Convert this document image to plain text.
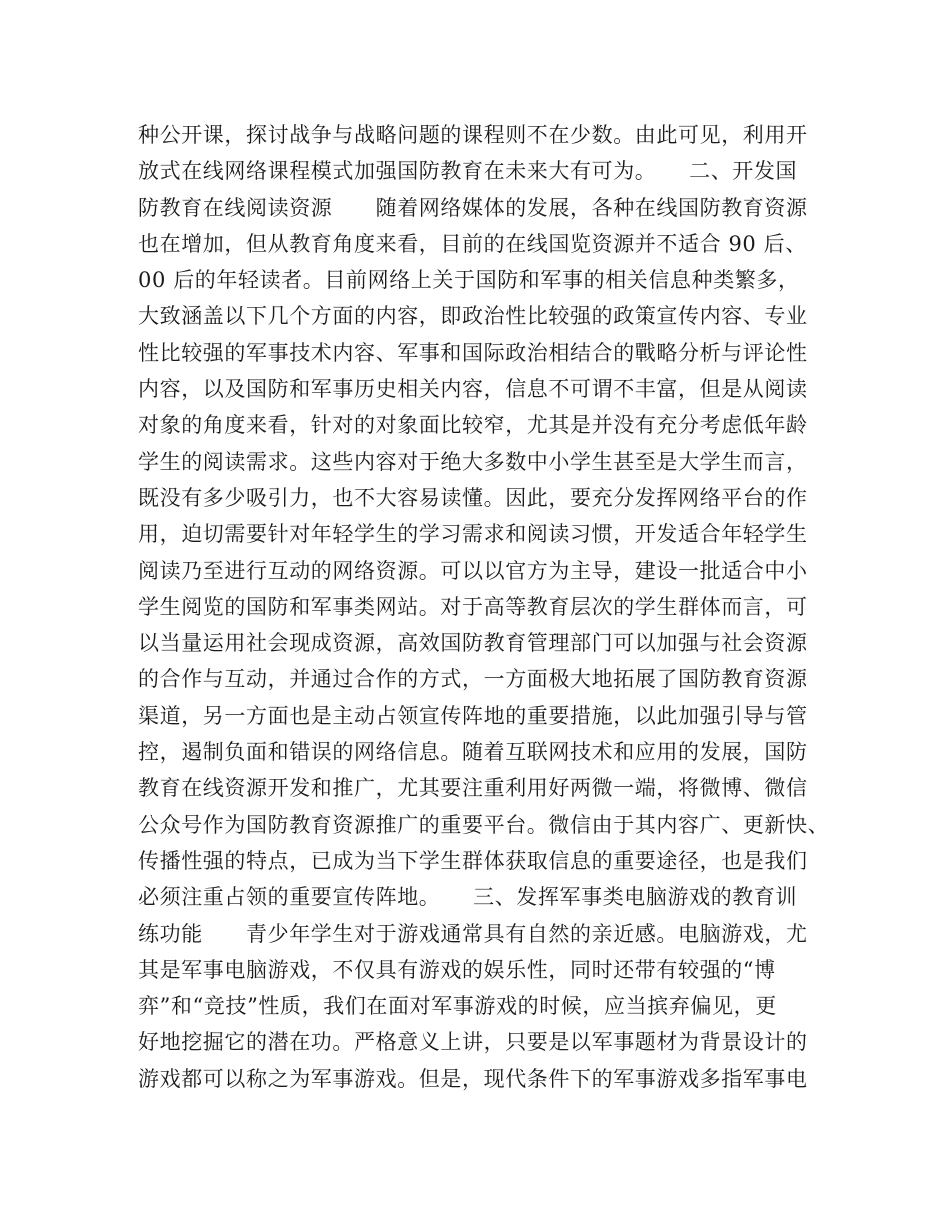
种公开课，探讨战争与战略问题的课程则不在少数。由此可见，利用开
放式在线网络课程模式加强国防教育在未来大有可为。　　二、开发国
防教育在线阅读资源　　随着网络媒体的发展，各种在线国防教育资源
也在增加，但从教育角度来看，目前的在线国览资源并不适合 90 后、
00 后的年轻读者。目前网络上关于国防和军事的相关信息种类繁多，
大致涵盖以下几个方面的内容，即政治性比较强的政策宣传内容、专业
性比较强的军事技术内容、军事和国际政治相结合的戰略分析与评论性
内容，以及国防和军事历史相关内容，信息不可谓不丰富，但是从阅读
对象的角度来看，针对的对象面比较窄，尤其是并没有充分考虑低年龄
学生的阅读需求。这些内容对于绝大多数中小学生甚至是大学生而言，
既没有多少吸引力，也不大容易读懂。因此，要充分发挥网络平台的作
用，迫切需要针对年轻学生的学习需求和阅读习惯，开发适合年轻学生
阅读乃至进行互动的网络资源。可以以官方为主导，建设一批适合中小
学生阅览的国防和军事类网站。对于高等教育层次的学生群体而言，可
以当量运用社会现成资源，高效国防教育管理部门可以加强与社会资源
的合作与互动，并通过合作的方式，一方面极大地拓展了国防教育资源
渠道，另一方面也是主动占领宣传阵地的重要措施，以此加强引导与管
控，遏制负面和错误的网络信息。随着互联网技术和应用的发展，国防
教育在线资源开发和推广，尤其要注重利用好两微一端，将微博、微信
公众号作为国防教育资源推广的重要平台。微信由于其内容广、更新快、
传播性强的特点，已成为当下学生群体获取信息的重要途径，也是我们
必须注重占领的重要宣传阵地。　　三、发挥军事类电脑游戏的教育训
练功能　　青少年学生对于游戏通常具有自然的亲近感。电脑游戏，尤
其是军事电脑游戏，不仅具有游戏的娱乐性，同时还带有较强的“博
弈”和“竞技”性质，我们在面对军事游戏的时候，应当摈弃偏见，更
好地挖掘它的潜在功。严格意义上讲，只要是以军事题材为背景设计的
游戏都可以称之为军事游戏。但是，现代条件下的军事游戏多指军事电
